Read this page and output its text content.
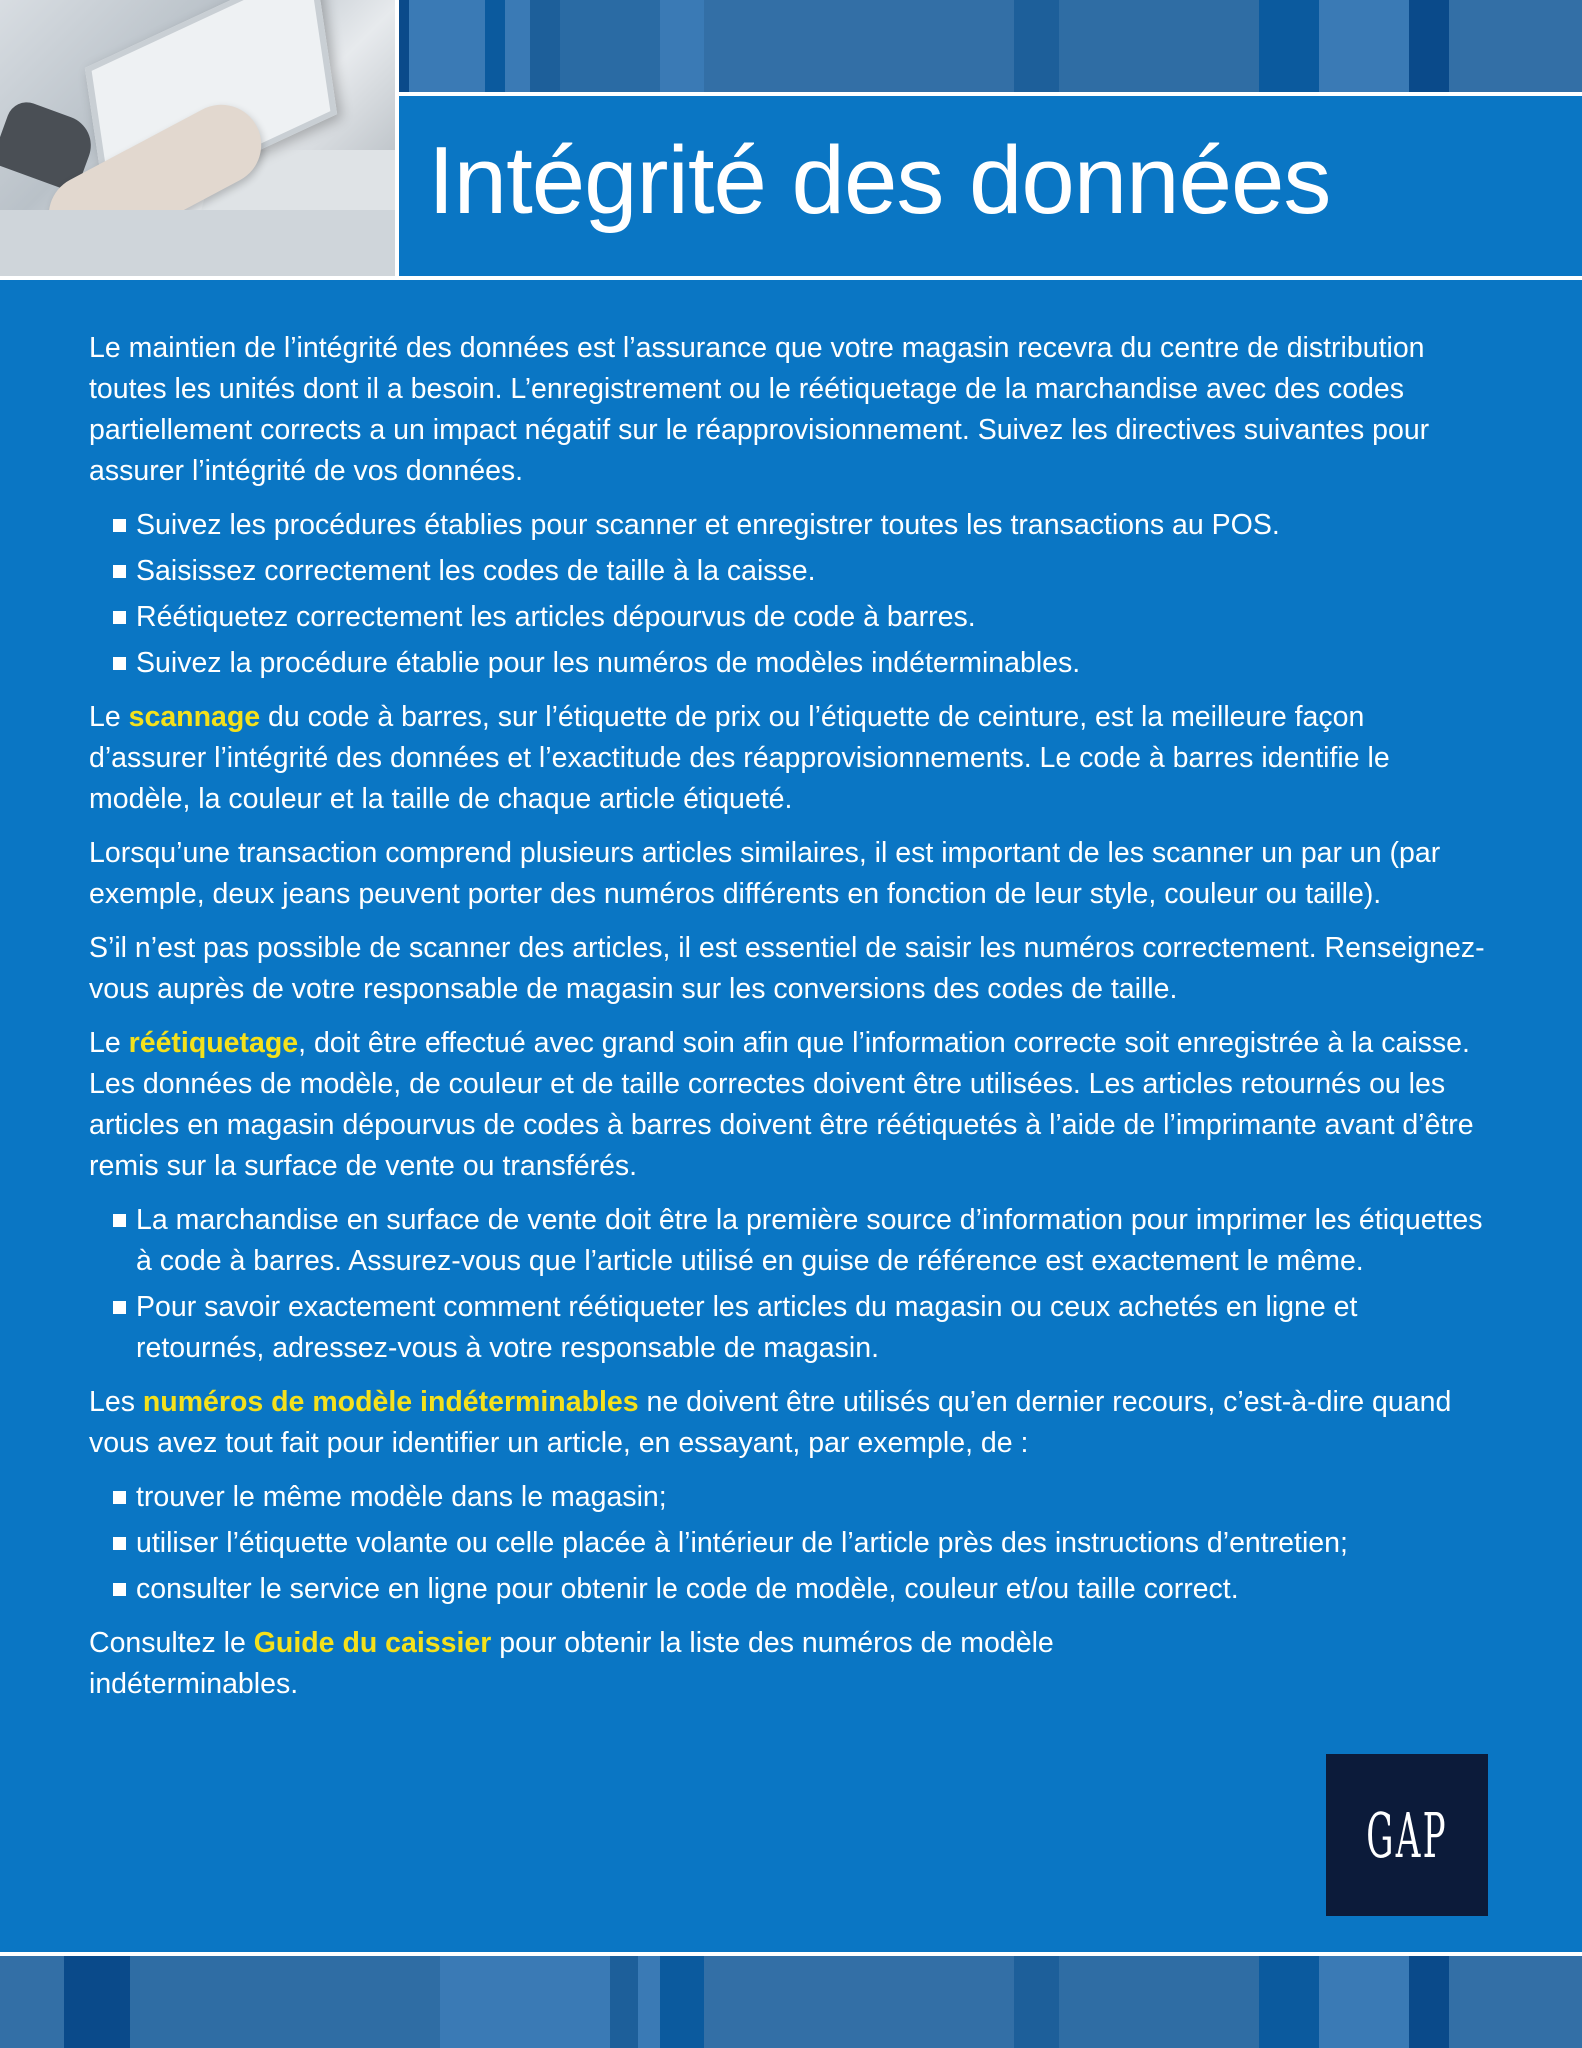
Intégrité des données

Le maintien de l’intégrité des données est l’assurance que votre magasin recevra du centre de distribution toutes les unités dont il a besoin. L’enregistrement ou le réétiquetage de la marchandise avec des codes partiellement corrects a un impact négatif sur le réapprovisionnement. Suivez les directives suivantes pour assurer l’intégrité de vos données.

Suivez les procédures établies pour scanner et enregistrer toutes les transactions au POS.
Saisissez correctement les codes de taille à la caisse.
Réétiquetez correctement les articles dépourvus de code à barres.
Suivez la procédure établie pour les numéros de modèles indéterminables.

Le scannage du code à barres, sur l’étiquette de prix ou l’étiquette de ceinture, est la meilleure façon d’assurer l’intégrité des données et l’exactitude des réapprovisionnements. Le code à barres identifie le modèle, la couleur et la taille de chaque article étiqueté.

Lorsqu’une transaction comprend plusieurs articles similaires, il est important de les scanner un par un (par exemple, deux jeans peuvent porter des numéros différents en fonction de leur style, couleur ou taille).

S’il n’est pas possible de scanner des articles, il est essentiel de saisir les numéros correctement. Renseignez-vous auprès de votre responsable de magasin sur les conversions des codes de taille.

Le réétiquetage, doit être effectué avec grand soin afin que l’information correcte soit enregistrée à la caisse. Les données de modèle, de couleur et de taille correctes doivent être utilisées. Les articles retournés ou les articles en magasin dépourvus de codes à barres doivent être réétiquetés à l’aide de l’imprimante avant d’être remis sur la surface de vente ou transférés.

La marchandise en surface de vente doit être la première source d’information pour imprimer les étiquettes à code à barres. Assurez-vous que l’article utilisé en guise de référence est exactement le même.
Pour savoir exactement comment réétiqueter les articles du magasin ou ceux achetés en ligne et retournés, adressez-vous à votre responsable de magasin.

Les numéros de modèle indéterminables ne doivent être utilisés qu’en dernier recours, c’est-à-dire quand vous avez tout fait pour identifier un article, en essayant, par exemple, de :

trouver le même modèle dans le magasin;
utiliser l’étiquette volante ou celle placée à l’intérieur de l’article près des instructions d’entretien;
consulter le service en ligne pour obtenir le code de modèle, couleur et/ou taille correct.

Consultez le Guide du caissier pour obtenir la liste des numéros de modèle indéterminables.

GAP
